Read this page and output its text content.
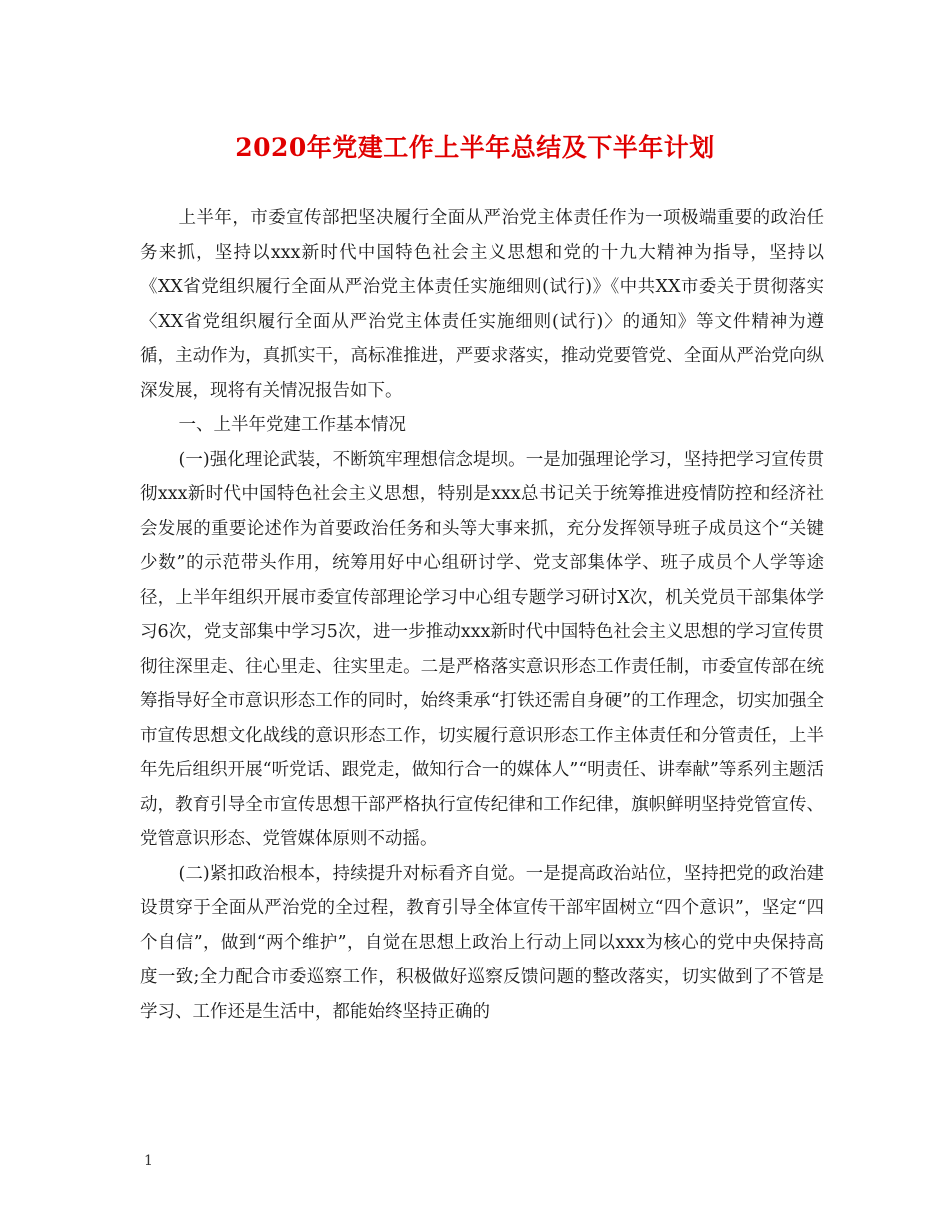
2020年党建工作上半年总结及下半年计划

上半年，市委宣传部把坚决履行全面从严治党主体责任作为一项极端重要的政治任务来抓，坚持以xxx新时代中国特色社会主义思想和党的十九大精神为指导，坚持以《XX省党组织履行全面从严治党主体责任实施细则(试行)》《中共XX市委关于贯彻落实〈XX省党组织履行全面从严治党主体责任实施细则(试行)〉的通知》等文件精神为遵循，主动作为，真抓实干，高标准推进，严要求落实，推动党要管党、全面从严治党向纵深发展，现将有关情况报告如下。

一、上半年党建工作基本情况

(一)强化理论武装，不断筑牢理想信念堤坝。一是加强理论学习，坚持把学习宣传贯彻xxx新时代中国特色社会主义思想，特别是xxx总书记关于统筹推进疫情防控和经济社会发展的重要论述作为首要政治任务和头等大事来抓，充分发挥领导班子成员这个“关键少数”的示范带头作用，统筹用好中心组研讨学、党支部集体学、班子成员个人学等途径，上半年组织开展市委宣传部理论学习中心组专题学习研讨X次，机关党员干部集体学习6次，党支部集中学习5次，进一步推动xxx新时代中国特色社会主义思想的学习宣传贯彻往深里走、往心里走、往实里走。二是严格落实意识形态工作责任制，市委宣传部在统筹指导好全市意识形态工作的同时，始终秉承“打铁还需自身硬”的工作理念，切实加强全市宣传思想文化战线的意识形态工作，切实履行意识形态工作主体责任和分管责任，上半年先后组织开展“听党话、跟党走，做知行合一的媒体人”“明责任、讲奉献”等系列主题活动，教育引导全市宣传思想干部严格执行宣传纪律和工作纪律，旗帜鲜明坚持党管宣传、党管意识形态、党管媒体原则不动摇。

(二)紧扣政治根本，持续提升对标看齐自觉。一是提高政治站位，坚持把党的政治建设贯穿于全面从严治党的全过程，教育引导全体宣传干部牢固树立“四个意识”，坚定“四个自信”，做到“两个维护”，自觉在思想上政治上行动上同以xxx为核心的党中央保持高度一致;全力配合市委巡察工作，积极做好巡察反馈问题的整改落实，切实做到了不管是学习、工作还是生活中，都能始终坚持正确的

1
